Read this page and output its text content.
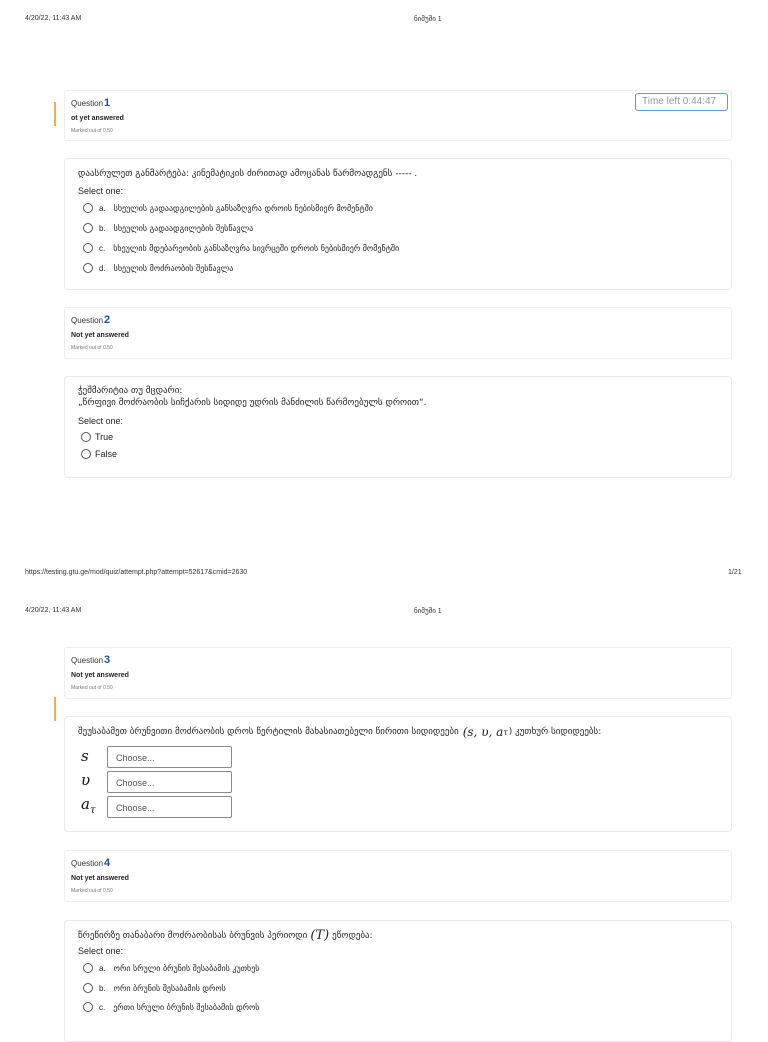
4/20/22, 11:43 AM	ნიმუში 1
Question1
ot yet answered
Marked out of 0.50
Time left 0:44:47
დაასრულეთ განმარტება: კინემატიკის ძირითად ამოცანას წარმოადგენს ----- .
Select one:
a. სხეულის გადაადგილების განსაზღვრა დროის ნებისმიერ მომენტში
b. სხეულის გადაადგილების შესწავლა
c. სხეულის მდებარეობის განსაზღვრა სივრცეში დროის ნებისმიერ მომენტში
d. სხეულის მოძრაობის შესწავლა
Question2
Not yet answered
Marked out of 0.50
ჭეშმარიტია თუ მცდარი:
„წრფივი მოძრაობის სიჩქარის სიდიდე უდრის მანძილის წარმოებულს დროით“.
Select one:
True
False
https://testing.gtu.ge/mod/quiz/attempt.php?attempt=52617&cmid=2630	1/21
4/20/22, 11:43 AM	ნიმუში 1
Question3
Not yet answered
Marked out of 0.50
შეუსაბამეთ ბრუნვითი მოძრაობის დროს წერტილის მახასიათებელი წირითი სიდიდეები (s, υ, a τ ) კუთხურ სიდიდეებს:
s	Choose...
υ	Choose...
$a_\tau$	Choose...
Question4
Not yet answered
Marked out of 0.50
წრეწირზე თანაბარი მოძრაობისას ბრუნვის პერიოდი (T) ეწოდება:
Select one:
a. ორი სრული ბრუნის შესაბამის კუთხეს
b. ორი ბრუნის შესაბამის დროს
c. ერთი სრული ბრუნის შესაბამის დროს
